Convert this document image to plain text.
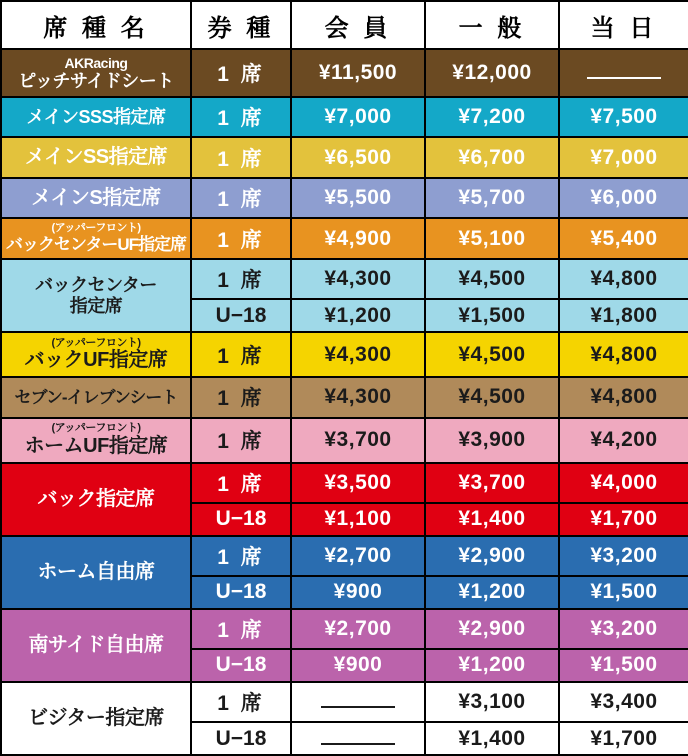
席 種 名	券 種	会 員	一 般	当 日

AKRacing
ピッチサイドシート	1 席	¥11,500	¥12,000	

メインSSS指定席	1 席	¥7,000	¥7,200	¥7,500

メインSS指定席	1 席	¥6,500	¥6,700	¥7,000

メインS指定席	1 席	¥5,500	¥5,700	¥6,000

(アッパーフロント)
バックセンターUF指定席	1 席	¥4,900	¥5,100	¥5,400

バックセンター
指定席	1 席	¥4,300	¥4,500	¥4,800
	U−18	¥1,200	¥1,500	¥1,800

(アッパーフロント)
バックUF指定席	1 席	¥4,300	¥4,500	¥4,800

セブン-イレブンシート	1 席	¥4,300	¥4,500	¥4,800

(アッパーフロント)
ホームUF指定席	1 席	¥3,700	¥3,900	¥4,200

バック指定席	1 席	¥3,500	¥3,700	¥4,000
	U−18	¥1,100	¥1,400	¥1,700

ホーム自由席	1 席	¥2,700	¥2,900	¥3,200
	U−18	¥900	¥1,200	¥1,500

南サイド自由席	1 席	¥2,700	¥2,900	¥3,200
	U−18	¥900	¥1,200	¥1,500

ビジター指定席	1 席		¥3,100	¥3,400
	U−18		¥1,400	¥1,700
